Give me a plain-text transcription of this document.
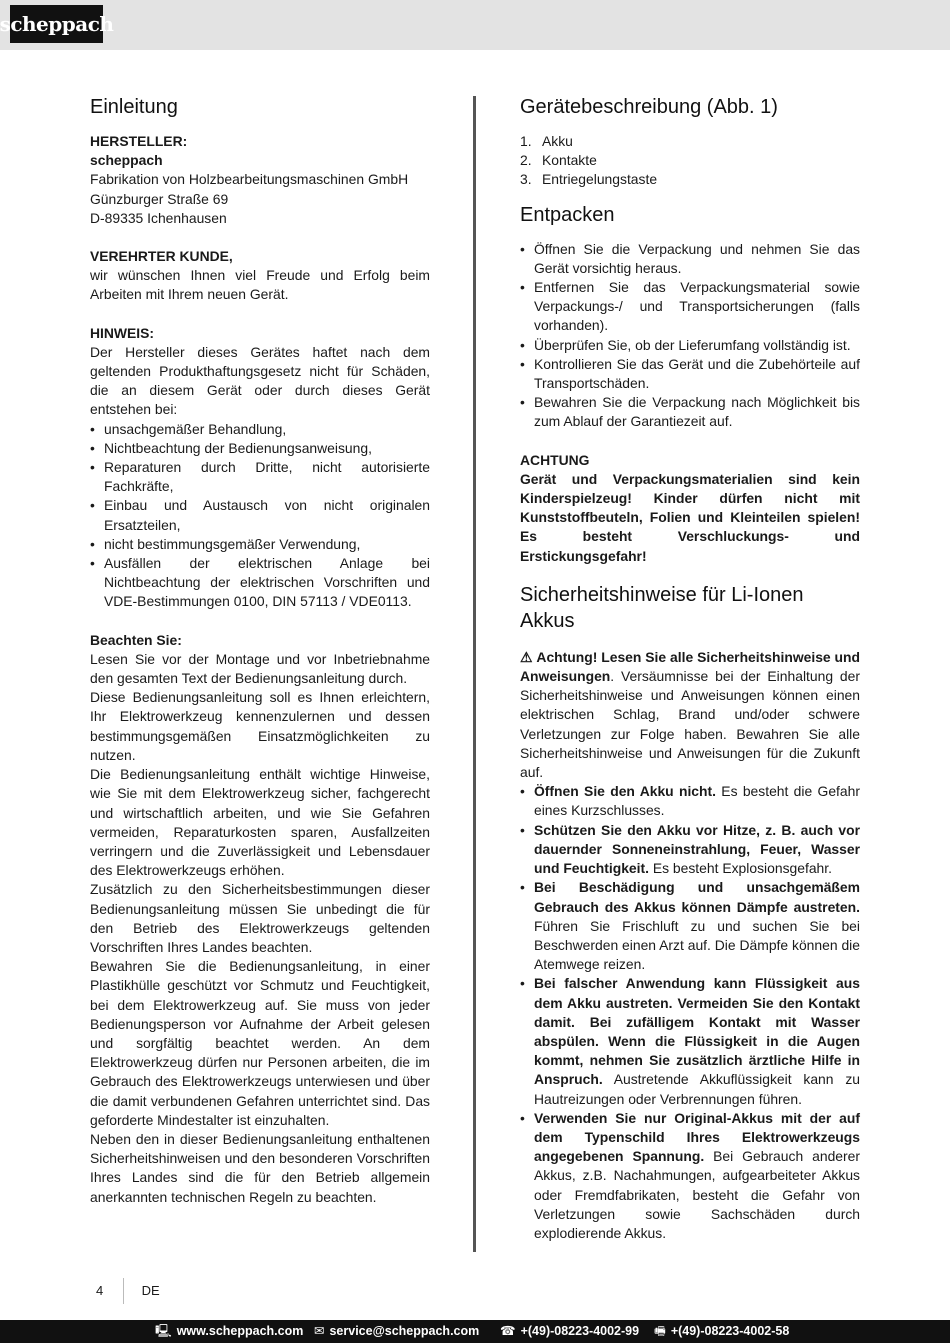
scheppach
Einleitung

HERSTELLER:

scheppach

Fabrikation von Holzbearbeitungsmaschinen GmbH

Günzburger Straße 69

D-89335 Ichenhausen

VEREHRTER KUNDE,

wir wünschen Ihnen viel Freude und Erfolg beim Arbeiten mit Ihrem neuen Gerät.

HINWEIS:

Der Hersteller dieses Gerätes haftet nach dem geltenden Produkthaftungsgesetz nicht für Schäden, die an diesem Gerät oder durch dieses Gerät entstehen bei:

• unsachgemäßer Behandlung,
• Nichtbeachtung der Bedienungsanweisung,
• Reparaturen durch Dritte, nicht autorisierte Fachkräfte,
• Einbau und Austausch von nicht originalen Ersatzteilen,
• nicht bestimmungsgemäßer Verwendung,
• Ausfällen der elektrischen Anlage bei Nichtbeachtung der elektrischen Vorschriften und VDE-Bestimmungen 0100, DIN 57113 / VDE0113.

Beachten Sie:

Lesen Sie vor der Montage und vor Inbetriebnahme den gesamten Text der Bedienungsanleitung durch.

Diese Bedienungsanleitung soll es Ihnen erleichtern, Ihr Elektrowerkzeug kennenzulernen und dessen bestimmungsgemäßen Einsatzmöglichkeiten zu nutzen.

Die Bedienungsanleitung enthält wichtige Hinweise, wie Sie mit dem Elektrowerkzeug sicher, fachgerecht und wirtschaftlich arbeiten, und wie Sie Gefahren vermeiden, Reparaturkosten sparen, Ausfallzeiten verringern und die Zuverlässigkeit und Lebensdauer des Elektrowerkzeugs erhöhen.

Zusätzlich zu den Sicherheitsbestimmungen dieser Bedienungsanleitung müssen Sie unbedingt die für den Betrieb des Elektrowerkzeugs geltenden Vorschriften Ihres Landes beachten.

Bewahren Sie die Bedienungsanleitung, in einer Plastikhülle geschützt vor Schmutz und Feuchtigkeit, bei dem Elektrowerkzeug auf. Sie muss von jeder Bedienungsperson vor Aufnahme der Arbeit gelesen und sorgfältig beachtet werden. An dem Elektrowerkzeug dürfen nur Personen arbeiten, die im Gebrauch des Elektrowerkzeugs unterwiesen und über die damit verbundenen Gefahren unterrichtet sind. Das geforderte Mindestalter ist einzuhalten.

Neben den in dieser Bedienungsanleitung enthaltenen Sicherheitshinweisen und den besonderen Vorschriften Ihres Landes sind die für den Betrieb allgemein anerkannten technischen Regeln zu beachten.

Gerätebeschreibung (Abb. 1)
1. Akku
2. Kontakte
3. Entriegelungstaste
Entpacken
• Öffnen Sie die Verpackung und nehmen Sie das Gerät vorsichtig heraus.
• Entfernen Sie das Verpackungsmaterial sowie Verpackungs-/ und Transportsicherungen (falls vorhanden).
• Überprüfen Sie, ob der Lieferumfang vollständig ist.
• Kontrollieren Sie das Gerät und die Zubehörteile auf Transportschäden.
• Bewahren Sie die Verpackung nach Möglichkeit bis zum Ablauf der Garantiezeit auf.

ACHTUNG

Gerät und Verpackungsmaterialien sind kein Kinderspielzeug! Kinder dürfen nicht mit Kunststoffbeuteln, Folien und Kleinteilen spielen! Es besteht Verschluckungs- und Erstickungsgefahr!

Sicherheitshinweise für Li-Ionen Akkus

⚠ Achtung! Lesen Sie alle Sicherheitshinweise und Anweisungen. Versäumnisse bei der Einhaltung der Sicherheitshinweise und Anweisungen können einen elektrischen Schlag, Brand und/oder schwere Verletzungen zur Folge haben. Bewahren Sie alle Sicherheitshinweise und Anweisungen für die Zukunft auf.

• Öffnen Sie den Akku nicht. Es besteht die Gefahr eines Kurzschlusses.
• Schützen Sie den Akku vor Hitze, z. B. auch vor dauernder Sonneneinstrahlung, Feuer, Wasser und Feuchtigkeit. Es besteht Explosionsgefahr.
• Bei Beschädigung und unsachgemäßem Gebrauch des Akkus können Dämpfe austreten. Führen Sie Frischluft zu und suchen Sie bei Beschwerden einen Arzt auf. Die Dämpfe können die Atemwege reizen.
• Bei falscher Anwendung kann Flüssigkeit aus dem Akku austreten. Vermeiden Sie den Kontakt damit. Bei zufälligem Kontakt mit Wasser abspülen. Wenn die Flüssigkeit in die Augen kommt, nehmen Sie zusätzlich ärztliche Hilfe in Anspruch. Austretende Akkuflüssigkeit kann zu Hautreizungen oder Verbrennungen führen.
• Verwenden Sie nur Original-Akkus mit der auf dem Typenschild Ihres Elektrowerkzeugs angegebenen Spannung. Bei Gebrauch anderer Akkus, z.B. Nachahmungen, aufgearbeiteter Akkus oder Fremdfabrikaten, besteht die Gefahr von Verletzungen sowie Sachschäden durch explodierende Akkus.
4	DE
🖳 www.scheppach.com ✉ service@scheppach.com ☎ +(49)-08223-4002-99 🖷 +(49)-08223-4002-58
